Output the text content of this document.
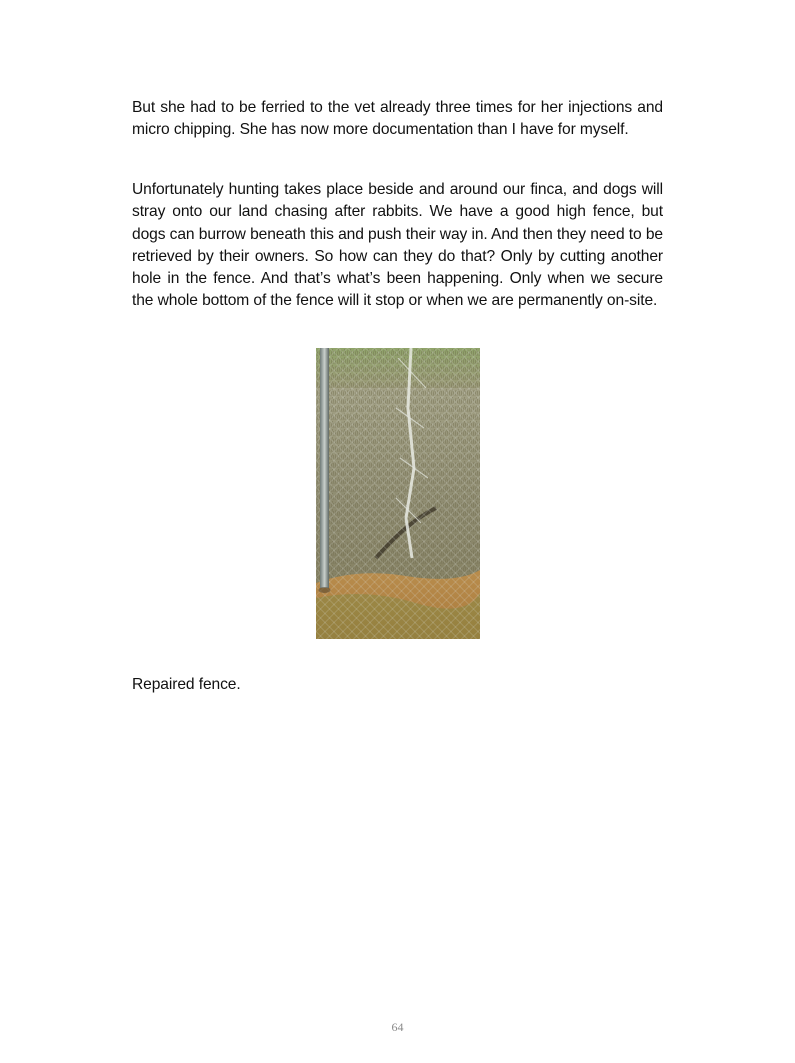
But she had to be ferried to the vet already three times for her injections and micro chipping. She has now more documentation than I have for myself.

Unfortunately hunting takes place beside and around our finca, and dogs will stray onto our land chasing after rabbits. We have a good high fence, but dogs can burrow beneath this and push their way in. And then they need to be retrieved by their owners. So how can they do that? Only by cutting another hole in the fence. And that’s what’s been happening. Only when we secure the whole bottom of the fence will it stop or when we are permanently on-site.

Repaired fence.

64
